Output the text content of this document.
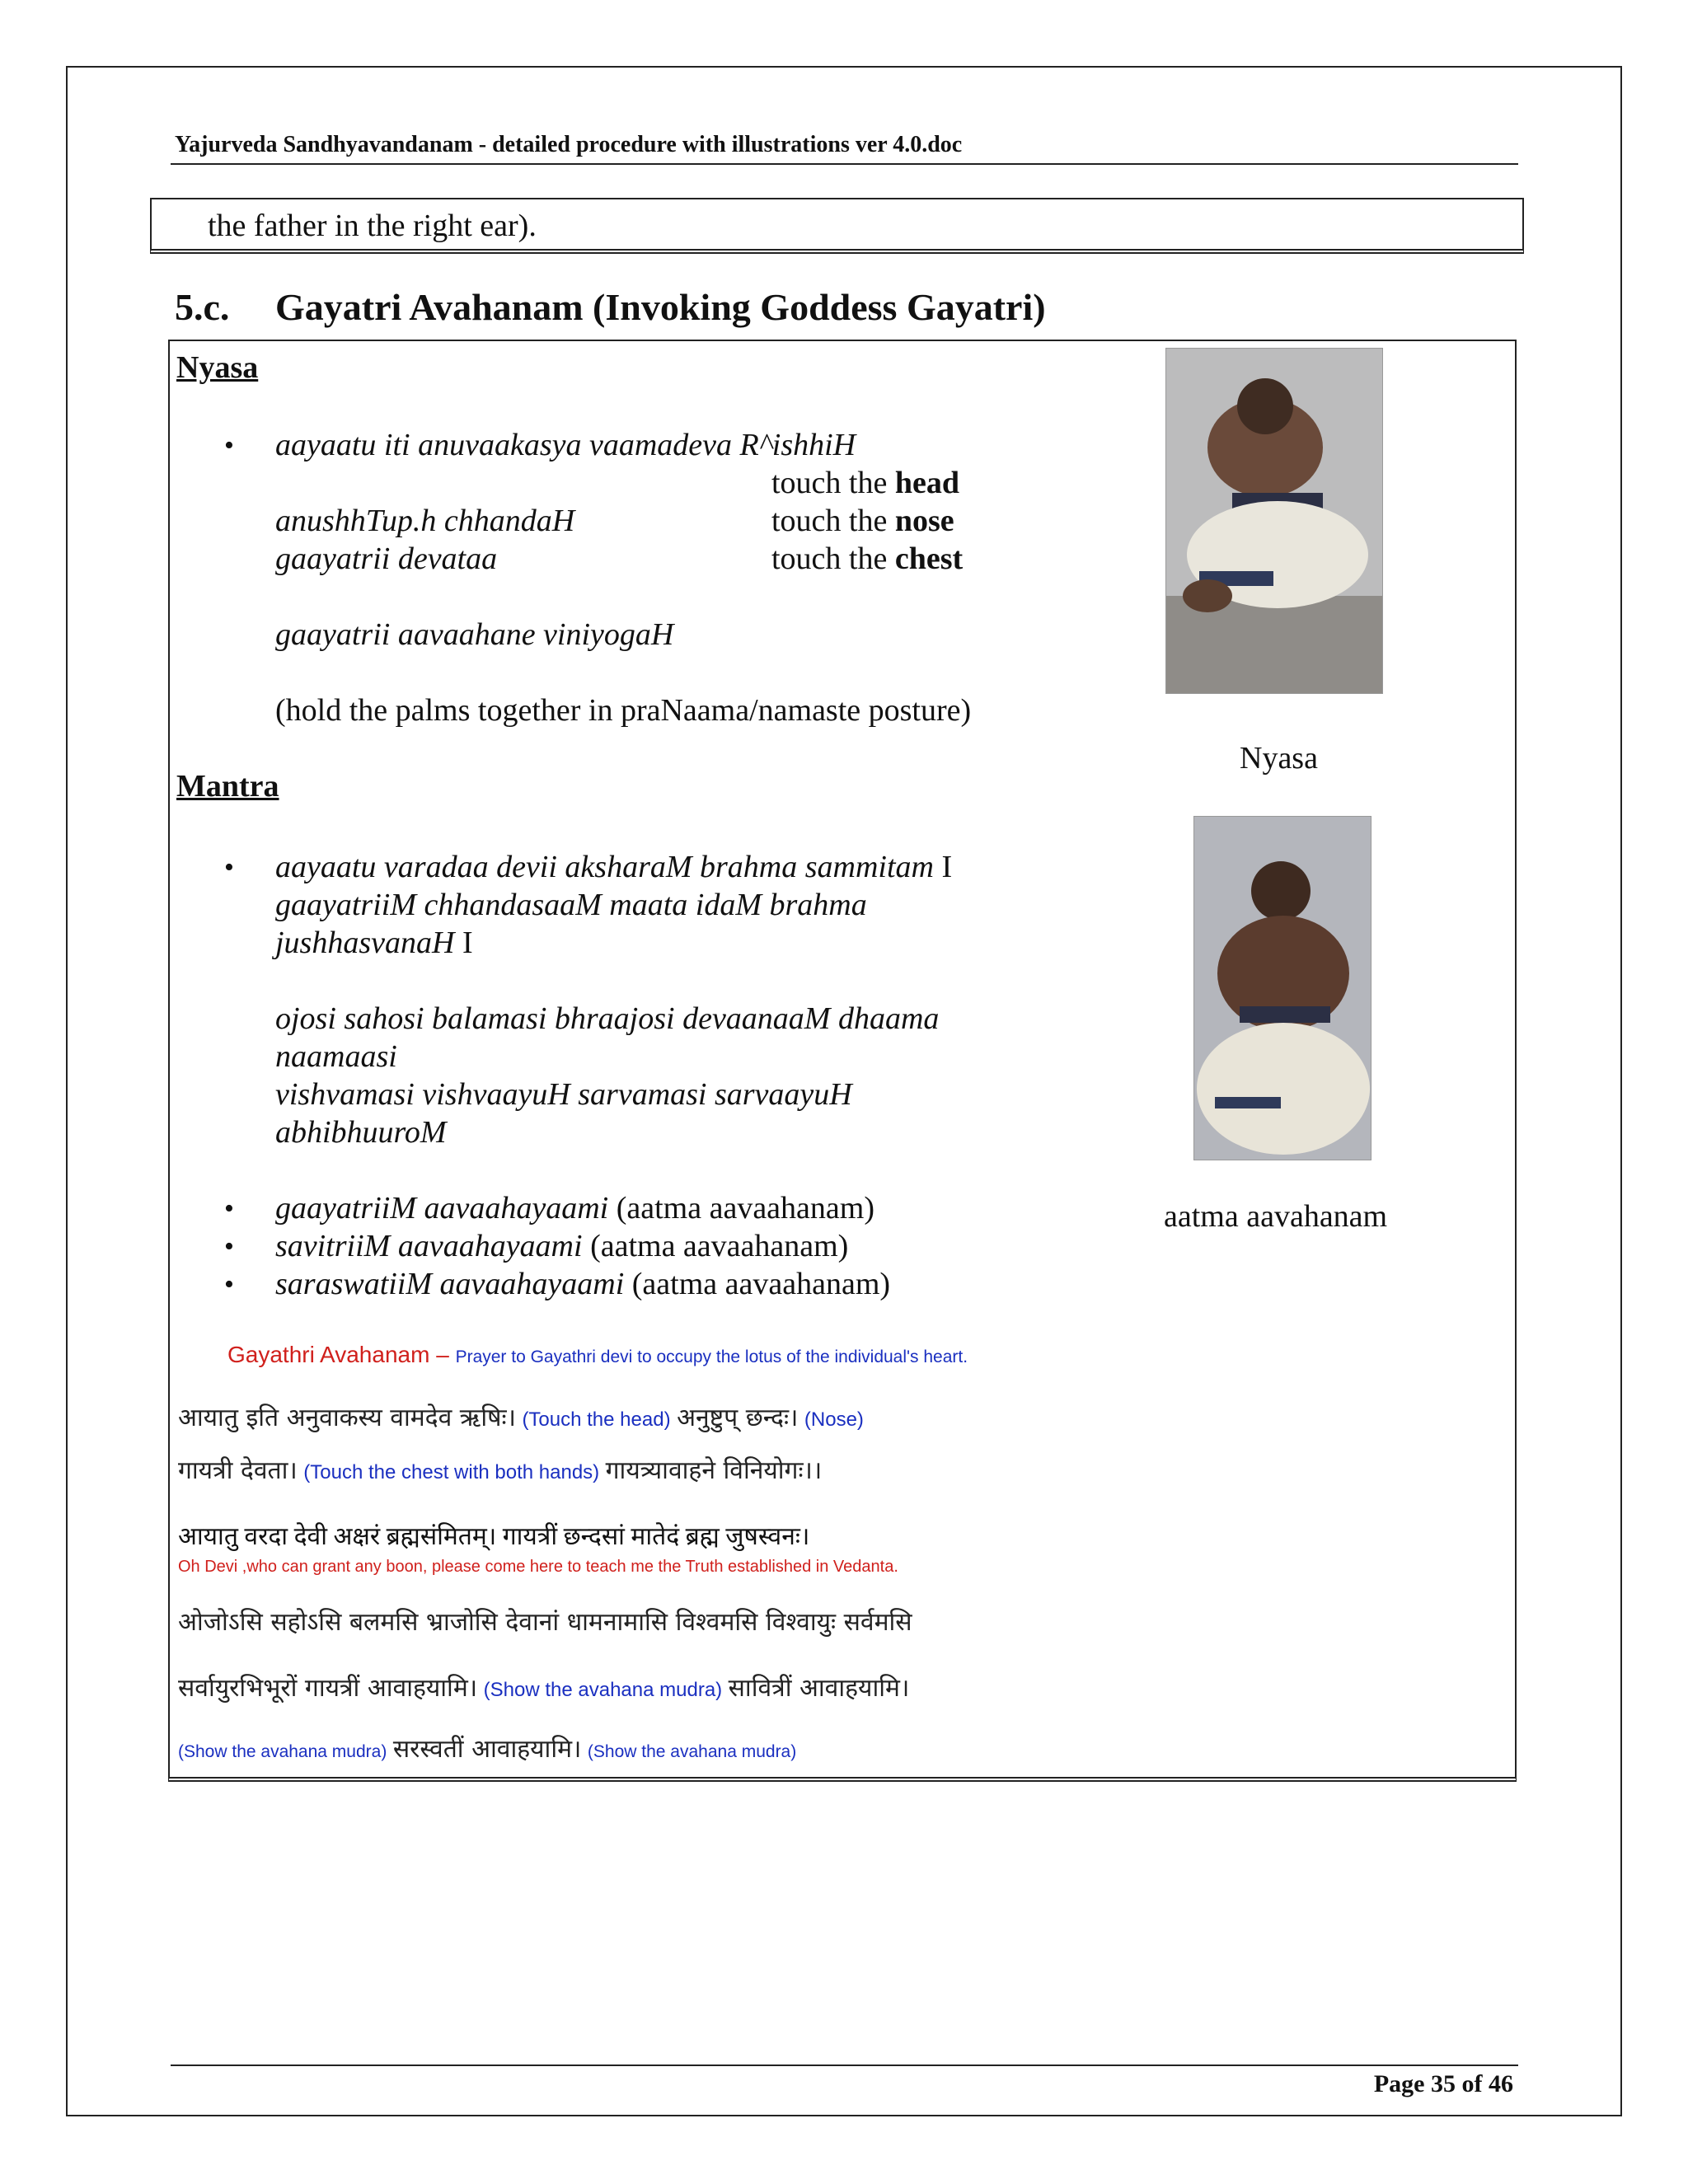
Yajurveda Sandhyavandanam - detailed procedure with illustrations ver 4.0.doc
the father in the right ear).
5.c. Gayatri Avahanam (Invoking Goddess Gayatri)
Nyasa
• aayaatu iti anuvaakasya vaamadeva R^ishhiH
touch the head
anushhTup.h chhandaH	touch the nose
gaayatrii devataa	touch the chest
gaayatrii aavaahane viniyogaH
(hold the palms together in praNaama/namaste posture)
Mantra
• aayaatu varadaa devii aksharaM brahma sammitam I
gaayatriiM chhandasaaM maata idaM brahma
jushhasvanaH I
ojosi sahosi balamasi bhraajosi devaanaaM dhaama
naamaasi
vishvamasi vishvaayuH sarvamasi sarvaayuH
abhibhuuroM
• gaayatriiM aavaahayaami (aatma aavaahanam)
• savitriiM aavaahayaami (aatma aavaahanam)
• saraswatiiM aavaahayaami (aatma aavaahanam)
Nyasa
aatma aavahanam
Gayathri Avahanam – Prayer to Gayathri devi to occupy the lotus of the individual's heart.
आयातु इति अनुवाकस्य वामदेव ऋषिः। (Touch the head) अनुष्टुप् छन्दः। (Nose)
गायत्री देवता। (Touch the chest with both hands) गायत्र्यावाहने विनियोगः।।
आयातु वरदा देवी अक्षरं ब्रह्मसंमितम्। गायत्रीं छन्दसां मातेदं ब्रह्म जुषस्वनः।
Oh Devi ,who can grant any boon, please come here to teach me the Truth established in Vedanta.
ओजोऽसि सहोऽसि बलमसि भ्राजोसि देवानां धामनामासि विश्वमसि विश्वायुः सर्वमसि
सर्वायुरभिभूरों गायत्रीं आवाहयामि। (Show the avahana mudra) सावित्रीं आवाहयामि।
(Show the avahana mudra) सरस्वतीं आवाहयामि। (Show the avahana mudra)
Page 35 of 46
